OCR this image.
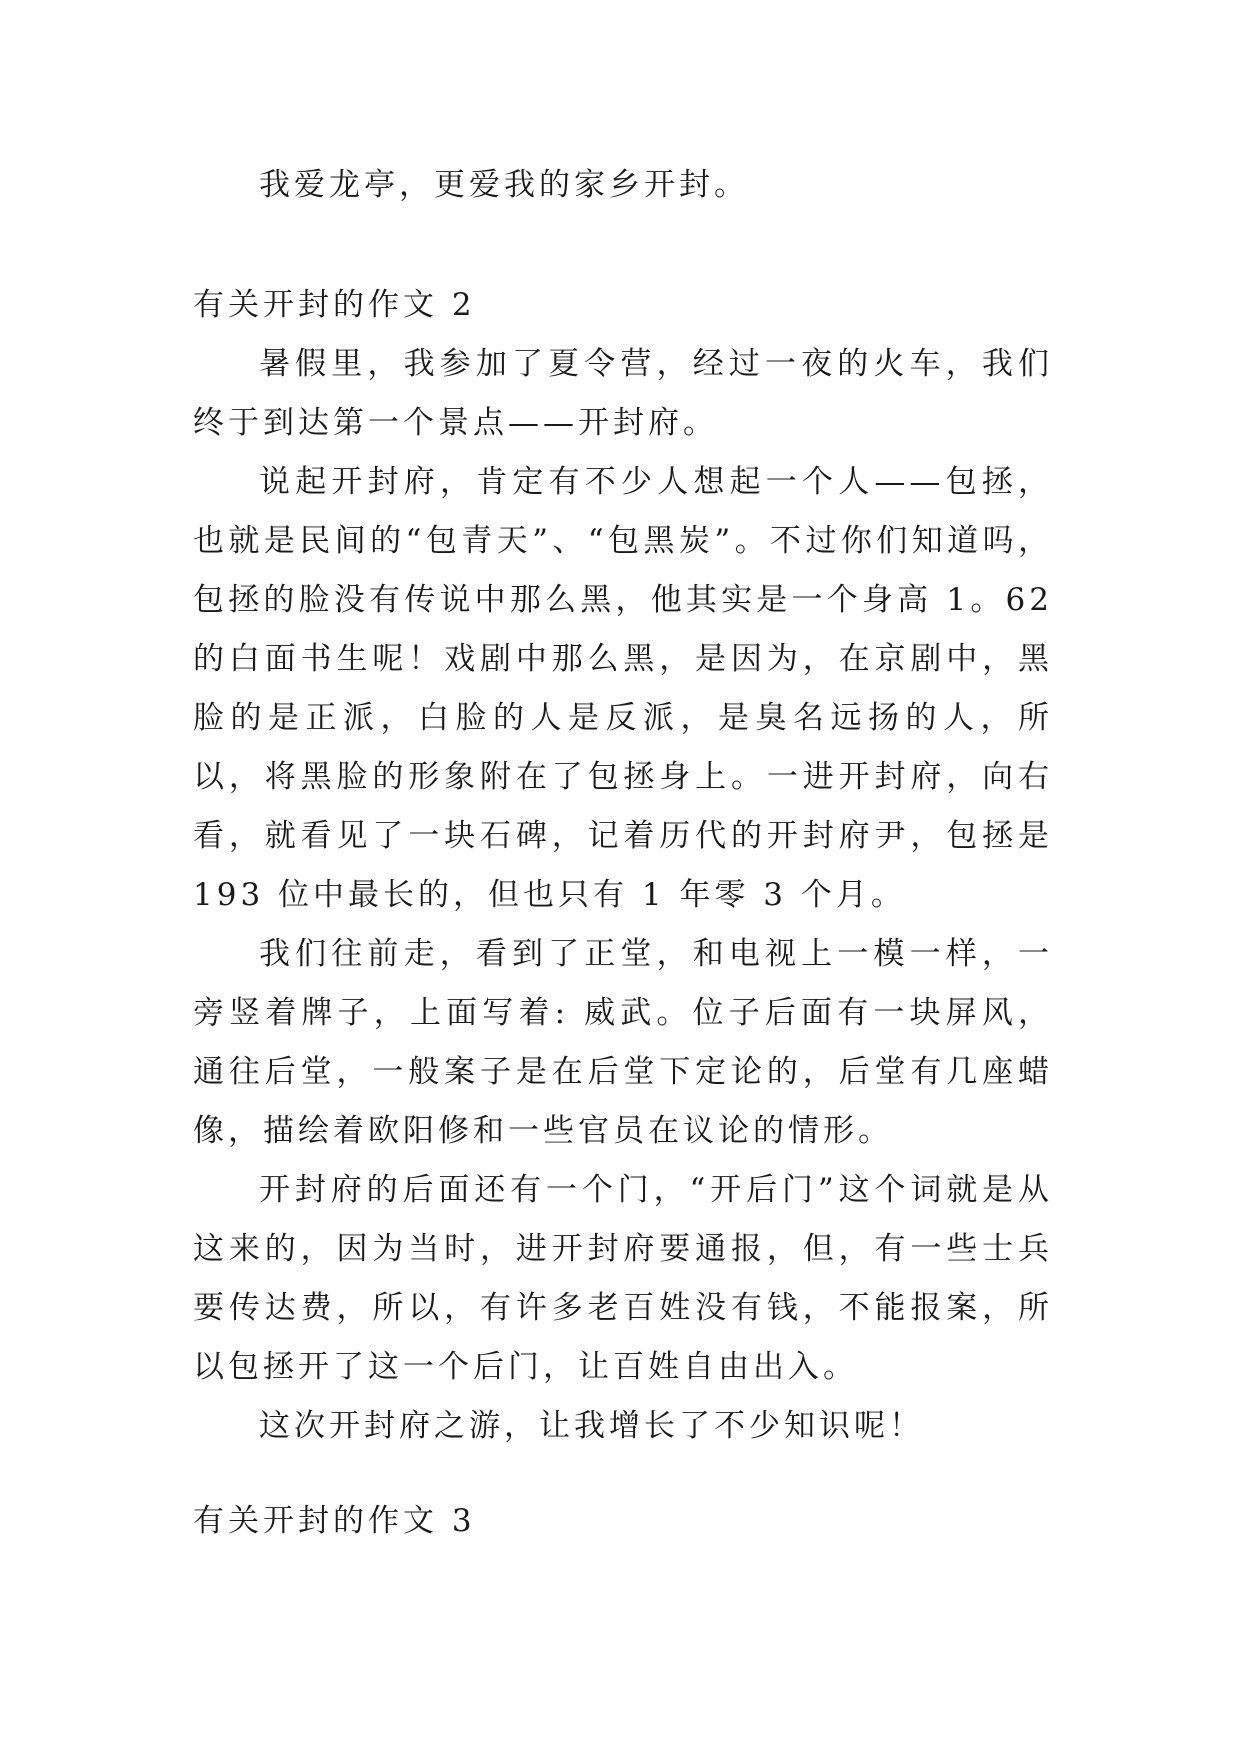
我爱龙亭，更爱我的家乡开封。

有关开封的作文 2

暑假里，我参加了夏令营，经过一夜的火车，我们终于到达第一个景点——开封府。

说起开封府，肯定有不少人想起一个人——包拯，也就是民间的“包青天”、“包黑炭”。不过你们知道吗，包拯的脸没有传说中那么黑，他其实是一个身高 1。62 的白面书生呢！戏剧中那么黑，是因为，在京剧中，黑脸的是正派，白脸的人是反派，是臭名远扬的人，所以，将黑脸的形象附在了包拯身上。一进开封府，向右看，就看见了一块石碑，记着历代的开封府尹，包拯是 193 位中最长的，但也只有 1 年零 3 个月。

我们往前走，看到了正堂，和电视上一模一样，一旁竖着牌子，上面写着: 威武。位子后面有一块屏风，通往后堂，一般案子是在后堂下定论的，后堂有几座蜡像，描绘着欧阳修和一些官员在议论的情形。

开封府的后面还有一个门，“开后门”这个词就是从这来的，因为当时，进开封府要通报，但，有一些士兵要传达费，所以，有许多老百姓没有钱，不能报案，所以包拯开了这一个后门，让百姓自由出入。

这次开封府之游，让我增长了不少知识呢！

有关开封的作文 3
